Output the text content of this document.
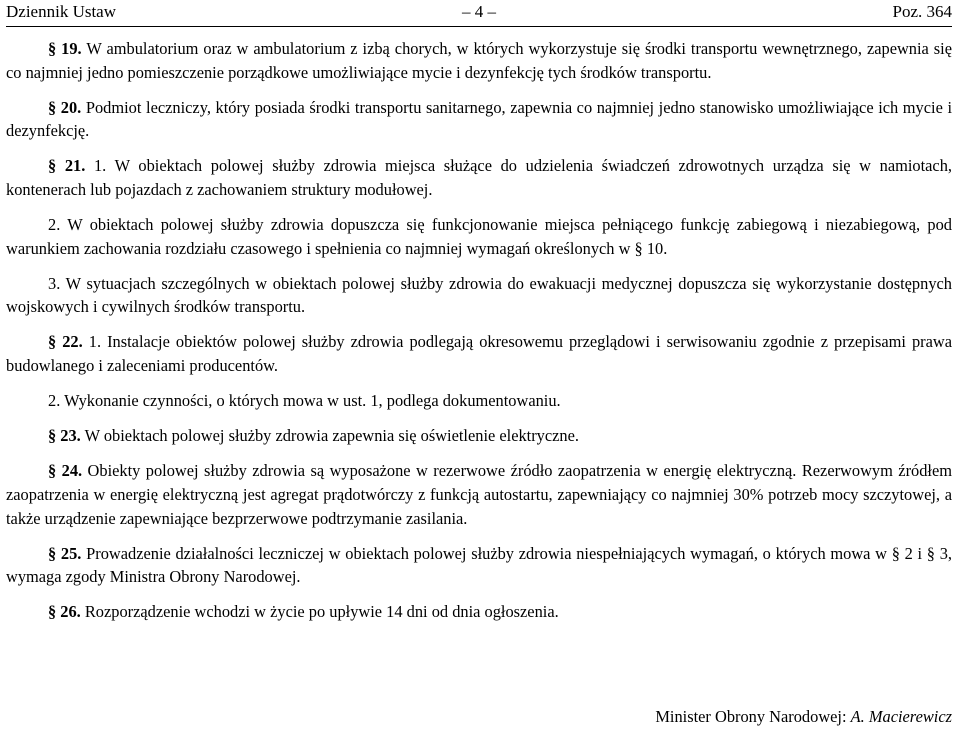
Dziennik Ustaw	– 4 –	Poz. 364

§ 19. W ambulatorium oraz w ambulatorium z izbą chorych, w których wykorzystuje się środki transportu wewnętrznego, zapewnia się co najmniej jedno pomieszczenie porządkowe umożliwiające mycie i dezynfekcję tych środków transportu.

§ 20. Podmiot leczniczy, który posiada środki transportu sanitarnego, zapewnia co najmniej jedno stanowisko umożliwiające ich mycie i dezynfekcję.

§ 21. 1. W obiektach polowej służby zdrowia miejsca służące do udzielenia świadczeń zdrowotnych urządza się w namiotach, kontenerach lub pojazdach z zachowaniem struktury modułowej.

2. W obiektach polowej służby zdrowia dopuszcza się funkcjonowanie miejsca pełniącego funkcję zabiegową i niezabiegową, pod warunkiem zachowania rozdziału czasowego i spełnienia co najmniej wymagań określonych w § 10.

3. W sytuacjach szczególnych w obiektach polowej służby zdrowia do ewakuacji medycznej dopuszcza się wykorzystanie dostępnych wojskowych i cywilnych środków transportu.

§ 22. 1. Instalacje obiektów polowej służby zdrowia podlegają okresowemu przeglądowi i serwisowaniu zgodnie z przepisami prawa budowlanego i zaleceniami producentów.

2. Wykonanie czynności, o których mowa w ust. 1, podlega dokumentowaniu.

§ 23. W obiektach polowej służby zdrowia zapewnia się oświetlenie elektryczne.

§ 24. Obiekty polowej służby zdrowia są wyposażone w rezerwowe źródło zaopatrzenia w energię elektryczną. Rezerwowym źródłem zaopatrzenia w energię elektryczną jest agregat prądotwórczy z funkcją autostartu, zapewniający co najmniej 30% potrzeb mocy szczytowej, a także urządzenie zapewniające bezprzerwowe podtrzymanie zasilania.

§ 25. Prowadzenie działalności leczniczej w obiektach polowej służby zdrowia niespełniających wymagań, o których mowa w § 2 i § 3, wymaga zgody Ministra Obrony Narodowej.

§ 26. Rozporządzenie wchodzi w życie po upływie 14 dni od dnia ogłoszenia.

Minister Obrony Narodowej: A. Macierewicz
